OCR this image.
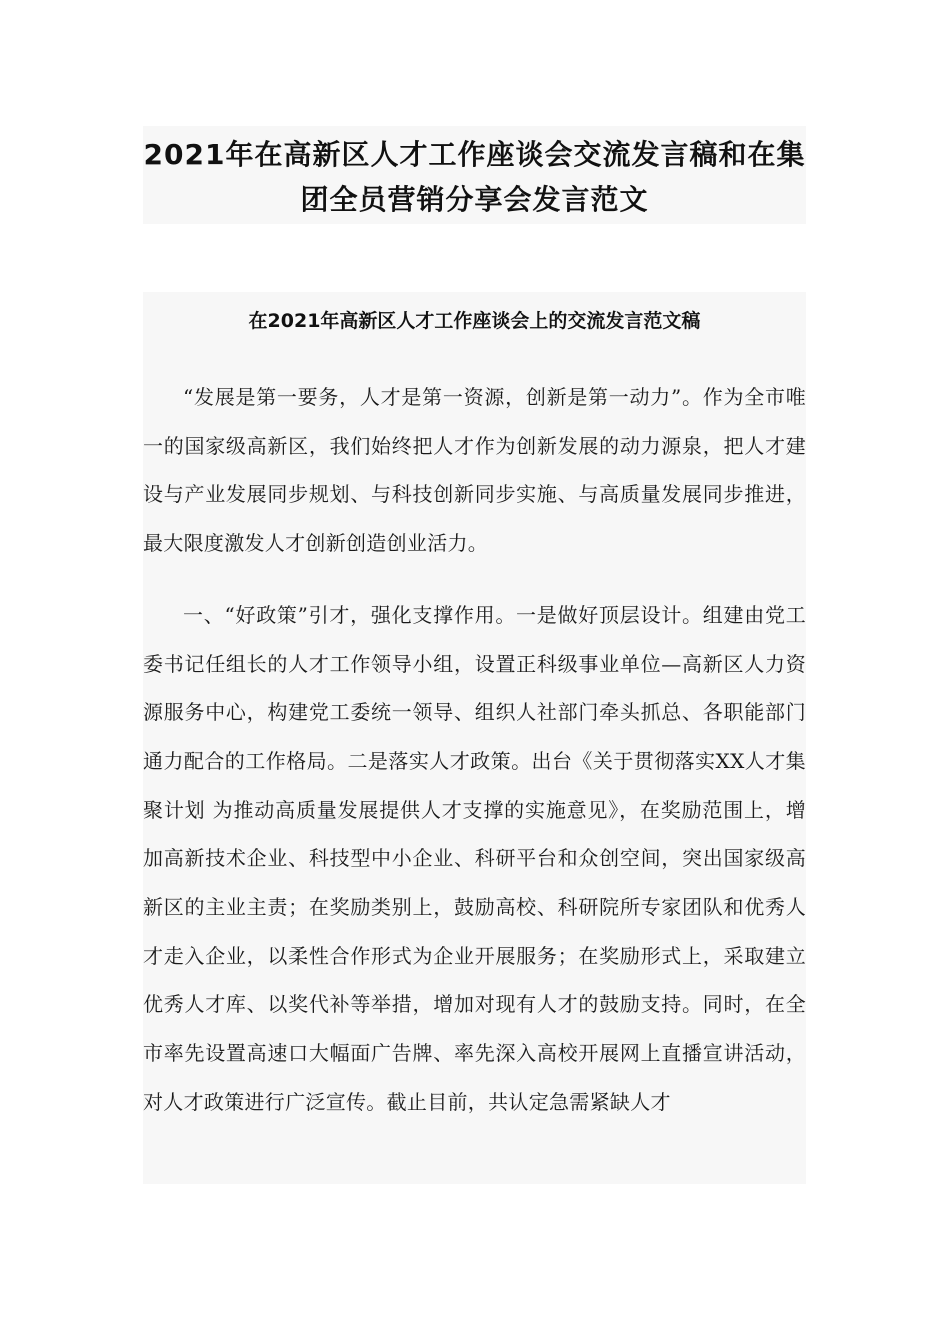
2021年在高新区人才工作座谈会交流发言稿和在集团全员营销分享会发言范文
在2021年高新区人才工作座谈会上的交流发言范文稿

“发展是第一要务，人才是第一资源，创新是第一动力”。作为全市唯一的国家级高新区，我们始终把人才作为创新发展的动力源泉，把人才建设与产业发展同步规划、与科技创新同步实施、与高质量发展同步推进，最大限度激发人才创新创造创业活力。

一、“好政策”引才，强化支撑作用。一是做好顶层设计。组建由党工委书记任组长的人才工作领导小组，设置正科级事业单位—高新区人力资源服务中心，构建党工委统一领导、组织人社部门牵头抓总、各职能部门通力配合的工作格局。二是落实人才政策。出台《关于贯彻落实XX人才集聚计划 为推动高质量发展提供人才支撑的实施意见》，在奖励范围上，增加高新技术企业、科技型中小企业、科研平台和众创空间，突出国家级高新区的主业主责；在奖励类别上，鼓励高校、科研院所专家团队和优秀人才走入企业，以柔性合作形式为企业开展服务；在奖励形式上，采取建立优秀人才库、以奖代补等举措，增加对现有人才的鼓励支持。同时，在全市率先设置高速口大幅面广告牌、率先深入高校开展网上直播宣讲活动，对人才政策进行广泛宣传。截止目前，共认定急需紧缺人才
